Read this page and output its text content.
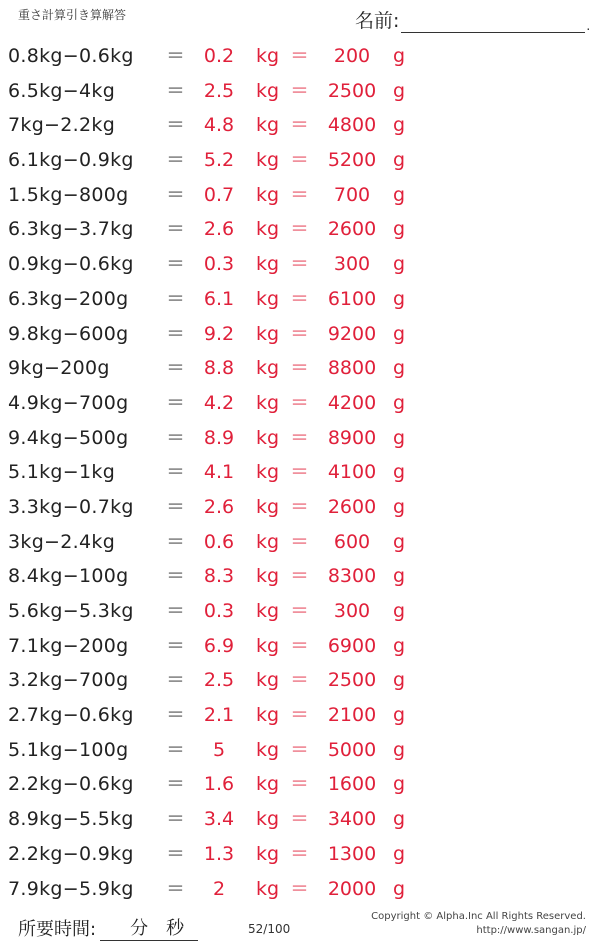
重さ計算引き算解答	名前:	.
0.8kg−0.6kg ＝ 0.2	kg ＝	200	g
6.5kg−4kg	＝ 2.5	kg ＝ 2500 g
7kg−2.2kg	＝ 4.8	kg ＝ 4800 g
6.1kg−0.9kg ＝ 5.2	kg ＝ 5200 g
1.5kg−800g ＝ 0.7	kg ＝	700	g
6.3kg−3.7kg ＝ 2.6	kg ＝ 2600 g
0.9kg−0.6kg ＝ 0.3	kg ＝	300	g
6.3kg−200g ＝ 6.1	kg ＝ 6100 g
9.8kg−600g ＝ 9.2	kg ＝ 9200 g
9kg−200g	＝ 8.8	kg ＝ 8800 g
4.9kg−700g ＝ 4.2	kg ＝ 4200 g
9.4kg−500g ＝ 8.9	kg ＝ 8900 g
5.1kg−1kg	＝ 4.1	kg ＝ 4100 g
3.3kg−0.7kg ＝ 2.6	kg ＝ 2600 g
3kg−2.4kg	＝ 0.6	kg ＝	600	g
8.4kg−100g ＝ 8.3	kg ＝ 8300 g
5.6kg−5.3kg ＝ 0.3	kg ＝	300	g
7.1kg−200g ＝ 6.9	kg ＝ 6900 g
3.2kg−700g ＝ 2.5	kg ＝ 2500 g
2.7kg−0.6kg ＝ 2.1	kg ＝ 2100 g
5.1kg−100g ＝	5	kg ＝ 5000 g
2.2kg−0.6kg ＝ 1.6	kg ＝ 1600 g
8.9kg−5.5kg ＝ 3.4	kg ＝ 3400 g
2.2kg−0.9kg ＝ 1.3	kg ＝ 1300 g
7.9kg−5.9kg ＝	2	kg ＝ 2000 g
所要時間: 分 秒	52/100
Copyright © Alpha.Inc All Rights Reserved.
http://www.sangan.jp/
